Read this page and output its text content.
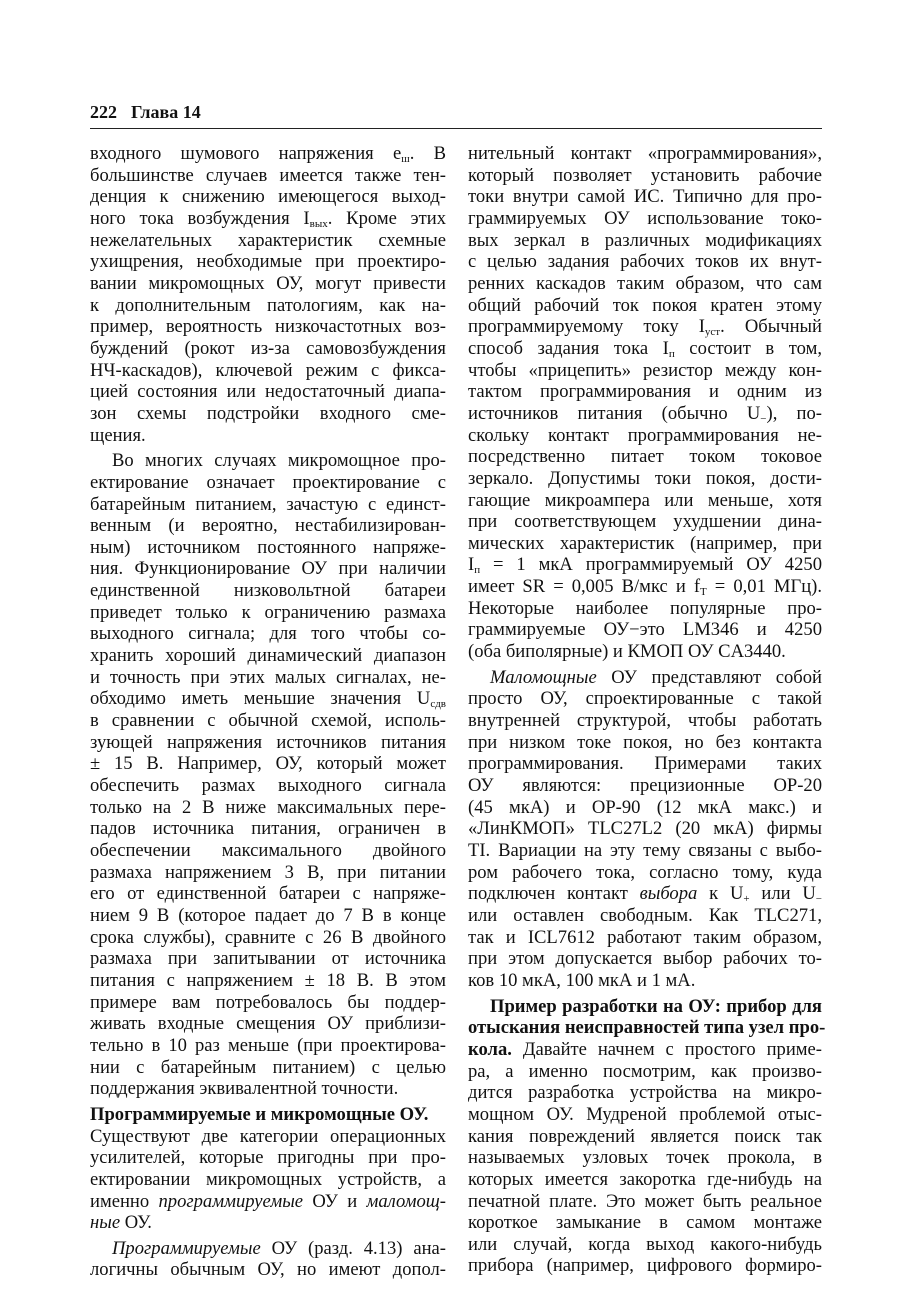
222 Глава 14
входного шумового напряжения $e_ш$. В
большинстве случаев имеется также тен-
денция к снижению имеющегося выход-
ного тока возбуждения $I_{вых}$. Кроме этих
нежелательных характеристик схемные
ухищрения, необходимые при проектиро-
вании микромощных ОУ, могут привести
к дополнительным патологиям, как на-
пример, вероятность низкочастотных воз-
буждений (рокот из-за самовозбуждения
НЧ-каскадов), ключевой режим с фикса-
цией состояния или недостаточный диапа-
зон схемы подстройки входного сме-
щения.
Во многих случаях микромощное про-
ектирование означает проектирование с
батарейным питанием, зачастую с единст-
венным (и вероятно, нестабилизирован-
ным) источником постоянного напряже-
ния. Функционирование ОУ при наличии
единственной низковольтной батареи
приведет только к ограничению размаха
выходного сигнала; для того чтобы со-
хранить хороший динамический диапазон
и точность при этих малых сигналах, не-
обходимо иметь меньшие значения $U_{сдв}$
в сравнении с обычной схемой, исполь-
зующей напряжения источников питания
± 15 В. Например, ОУ, который может
обеспечить размах выходного сигнала
только на 2 В ниже максимальных пере-
падов источника питания, ограничен в
обеспечении максимального двойного
размаха напряжением 3 В, при питании
его от единственной батареи с напряже-
нием 9 В (которое падает до 7 В в конце
срока службы), сравните с 26 В двойного
размаха при запитывании от источника
питания с напряжением ± 18 В. В этом
примере вам потребовалось бы поддер-
живать входные смещения ОУ приблизи-
тельно в 10 раз меньше (при проектирова-
нии с батарейным питанием) с целью
поддержания эквивалентной точности.
Программируемые и микромощные ОУ.
Существуют две категории операционных
усилителей, которые пригодны при про-
ектировании микромощных устройств, а
именно программируемые ОУ и маломощ-
ные ОУ.
Программируемые ОУ (разд. 4.13) ана-
логичны обычным ОУ, но имеют допол-
нительный контакт «программирования»,
который позволяет установить рабочие
токи внутри самой ИС. Типично для про-
граммируемых ОУ использование токо-
вых зеркал в различных модификациях
с целью задания рабочих токов их внут-
ренних каскадов таким образом, что сам
общий рабочий ток покоя кратен этому
программируемому току $I_{уст}$. Обычный
способ задания тока $I_п$ состоит в том,
чтобы «прицепить» резистор между кон-
тактом программирования и одним из
источников питания (обычно $U_-$), по-
скольку контакт программирования не-
посредственно питает током токовое
зеркало. Допустимы токи покоя, дости-
гающие микроампера или меньше, хотя
при соответствующем ухудшении дина-
мических характеристик (например, при
$I_п = 1$ мкА программируемый ОУ 4250
имеет SR = 0,005 В/мкс и $f_T = 0,01$ МГц).
Некоторые наиболее популярные про-
граммируемые ОУ−это LM346 и 4250
(оба биполярные) и КМОП ОУ CA3440.
Маломощные ОУ представляют собой
просто ОУ, спроектированные с такой
внутренней структурой, чтобы работать
при низком токе покоя, но без контакта
программирования. Примерами таких
ОУ являются: прецизионные OP-20
(45 мкА) и OP-90 (12 мкА макс.) и
«ЛинКМОП» TLC27L2 (20 мкА) фирмы
TI. Вариации на эту тему связаны с выбо-
ром рабочего тока, согласно тому, куда
подключен контакт выбора к $U_+$ или $U_-$
или оставлен свободным. Как TLC271,
так и ICL7612 работают таким образом,
при этом допускается выбор рабочих то-
ков 10 мкА, 100 мкА и 1 мА.
Пример разработки на ОУ: прибор для
отыскания неисправностей типа узел про-
кола. Давайте начнем с простого приме-
ра, а именно посмотрим, как произво-
дится разработка устройства на микро-
мощном ОУ. Мудреной проблемой отыс-
кания повреждений является поиск так
называемых узловых точек прокола, в
которых имеется закоротка где-нибудь на
печатной плате. Это может быть реальное
короткое замыкание в самом монтаже
или случай, когда выход какого-нибудь
прибора (например, цифрового формиро-
